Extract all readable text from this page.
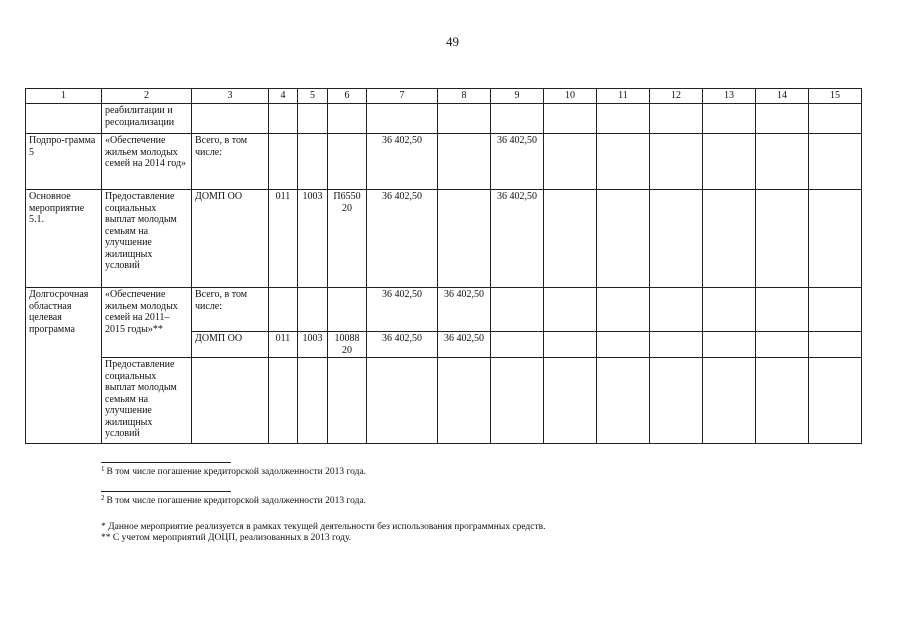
49
1	2	3	4	5	6	7	8	9	10	11	12	13	14	15
	реабилитации и ресоциализации													
Подпро-грамма 5	«Обеспечение жильем молодых семей на 2014 год»	Всего, в том числе:				36 402,50		36 402,50						
Основное мероприятие 5.1.	Предоставление социальных выплат молодым семьям на улучшение жилищных условий	ДОМП ОО	011	1003	П6550 20	36 402,50		36 402,50						
Долгосрочная областная целевая программа	«Обеспечение жильем молодых семей на 2011–2015 годы»**	Всего, в том числе:				36 402,50	36 402,50							
		ДОМП ОО	011	1003	10088 20	36 402,50	36 402,50							
	Предоставление социальных выплат молодым семьям на улучшение жилищных условий													

$^1$ В том числе погашение кредиторской задолженности 2013 года.

$^2$ В том числе погашение кредиторской задолженности 2013 года.

* Данное мероприятие реализуется в рамках текущей деятельности без использования программных средств.

** С учетом мероприятий ДОЦП, реализованных в 2013 году.
